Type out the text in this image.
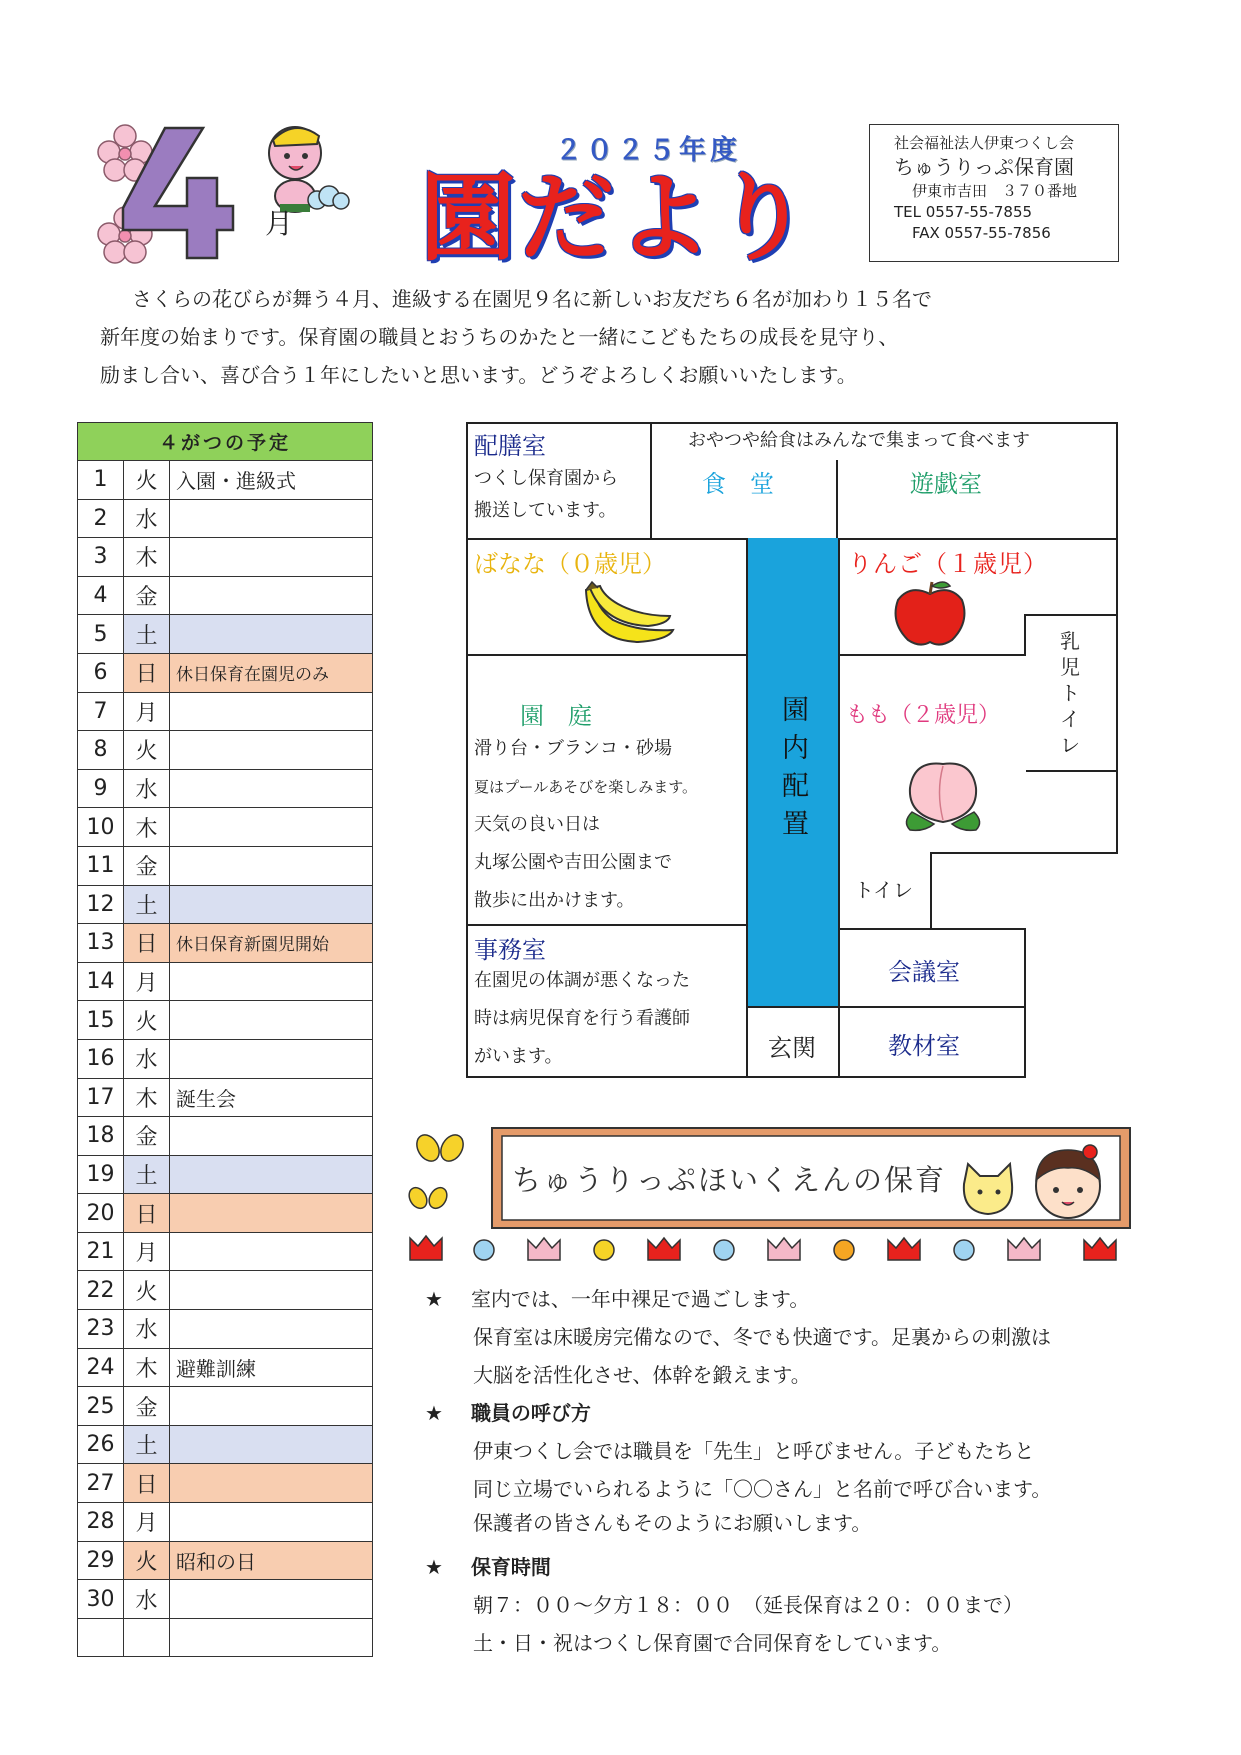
月
２０２５年度
園だより
社会福祉法人伊東つくし会
ちゅうりっぷ保育園
伊東市吉田　３７０番地
TEL 0557-55-7855
FAX 0557-55-7856

さくらの花びらが舞う４月、進級する在園児９名に新しいお友だち６名が加わり１５名で

新年度の始まりです。保育園の職員とおうちのかたと一緒にこどもたちの成長を見守り、

励まし合い、喜び合う１年にしたいと思います。どうぞよろしくお願いいたします。

４がつの予定		
1	火	入園・進級式
2	水	
3	木	
4	金	
5	土	
6	日	休日保育在園児のみ
7	月	
8	火	
9	水	
10	木	
11	金	
12	土	
13	日	休日保育新園児開始
14	月	
15	火	
16	水	
17	木	誕生会
18	金	
19	土	
20	日	
21	月	
22	火	
23	水	
24	木	避難訓練
25	金	
26	土	
27	日	
28	月	
29	火	昭和の日
30	水	

配膳室
つくし保育園から
搬送しています。
おやつや給食はみんなで集まって食べます
食　堂	遊戯室
ばなな（０歳児）
園内配置
りんご（１歳児）
乳児トイレ
園　庭
滑り台・ブランコ・砂場
夏はプールあそびを楽しみます。
天気の良い日は
丸塚公園や吉田公園まで
散歩に出かけます。
もも（２歳児）
トイレ
事務室
在園児の体調が悪くなった
時は病児保育を行う看護師
がいます。
会議室
玄関	教材室
ちゅうりっぷほいくえんの保育
★ 室内では、一年中裸足で過ごします。
保育室は床暖房完備なので、冬でも快適です。足裏からの刺激は
大脳を活性化させ、体幹を鍛えます。
★ 職員の呼び方
伊東つくし会では職員を「先生」と呼びません。子どもたちと
同じ立場でいられるように「〇〇さん」と名前で呼び合います。
保護者の皆さんもそのようにお願いします。
★ 保育時間
朝７：００～夕方１８：００　（延長保育は２０：００まで）
土・日・祝はつくし保育園で合同保育をしています。
